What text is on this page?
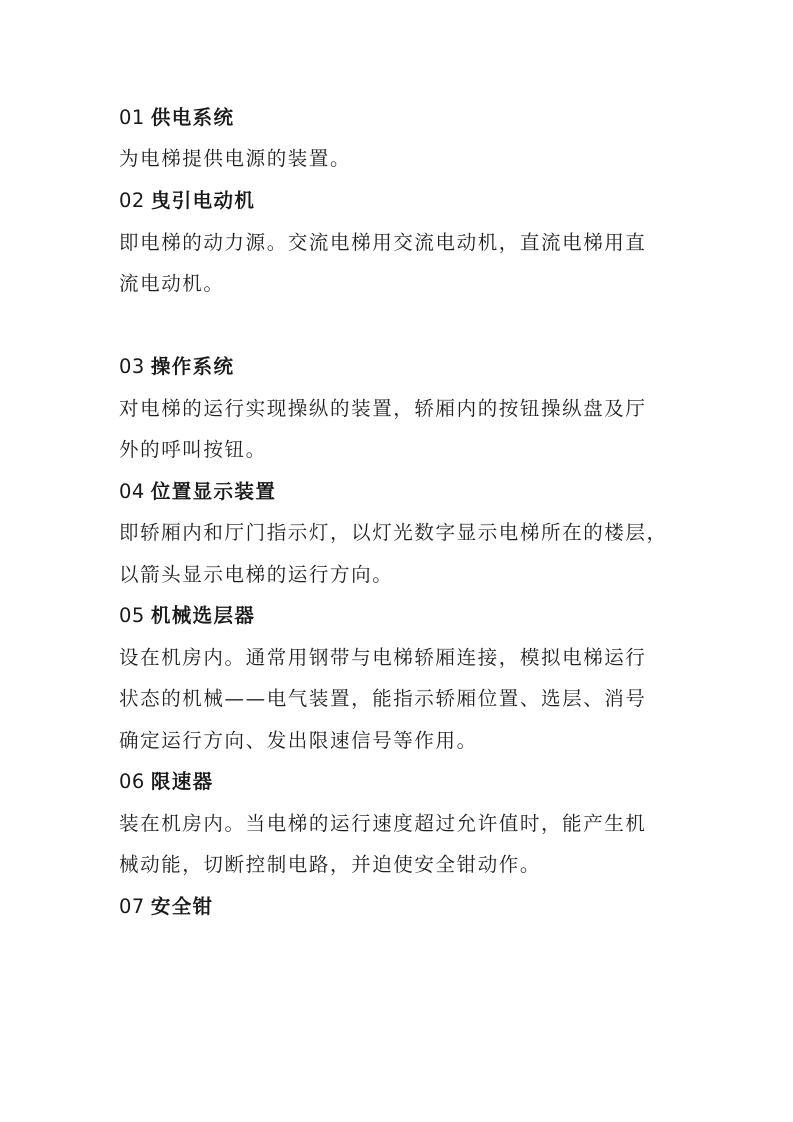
01 供电系统
为电梯提供电源的装置。
02 曳引电动机
即电梯的动力源。交流电梯用交流电动机，直流电梯用直
流电动机。
03 操作系统
对电梯的运行实现操纵的装置，轿厢内的按钮操纵盘及厅
外的呼叫按钮。
04 位置显示装置
即轿厢内和厅门指示灯，以灯光数字显示电梯所在的楼层，
以箭头显示电梯的运行方向。
05 机械选层器
设在机房内。通常用钢带与电梯轿厢连接，模拟电梯运行
状态的机械——电气装置，能指示轿厢位置、选层、消号
确定运行方向、发出限速信号等作用。
06 限速器
装在机房内。当电梯的运行速度超过允许值时，能产生机
械动能，切断控制电路，并迫使安全钳动作。
07 安全钳
